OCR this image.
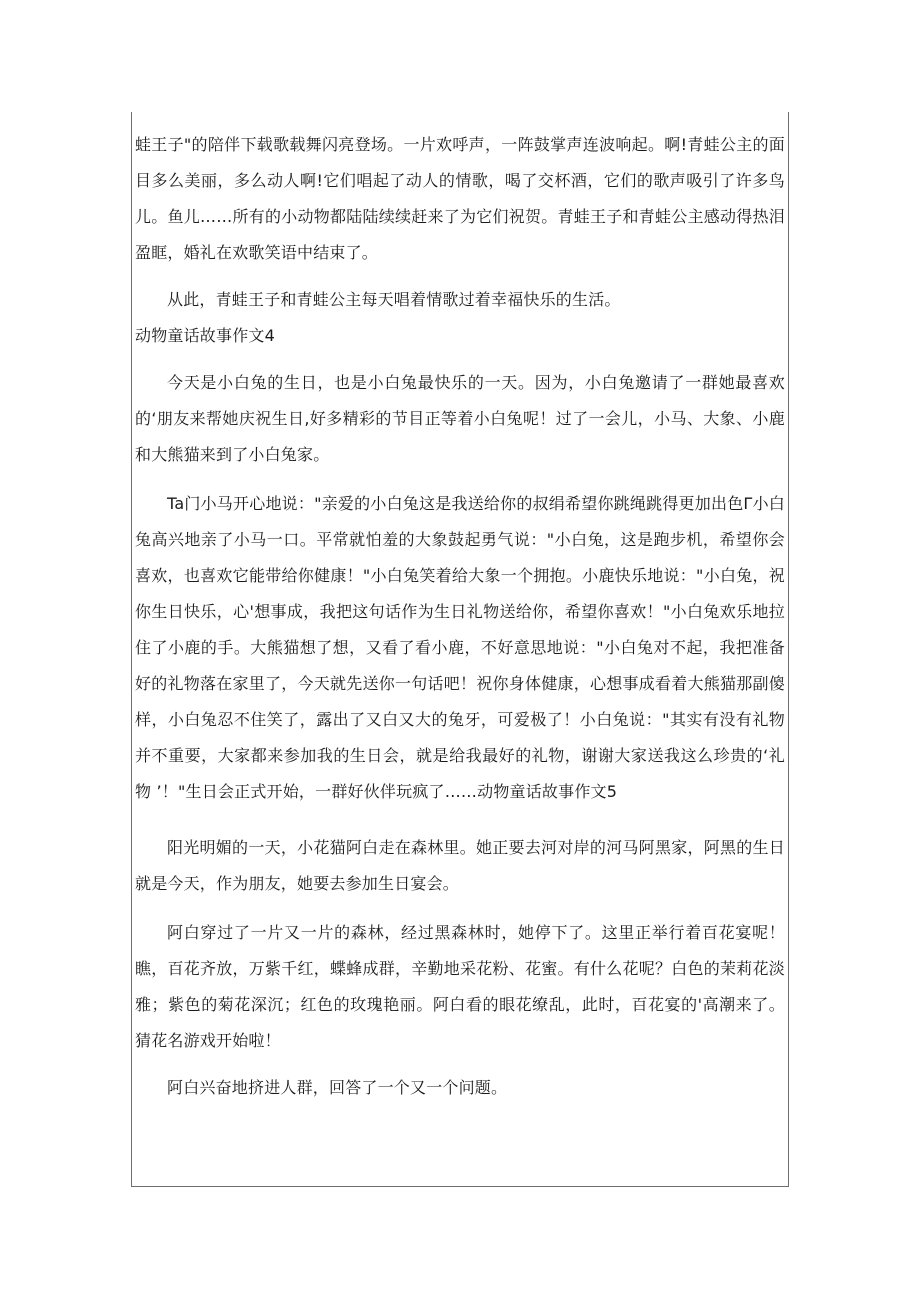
蛙王子"的陪伴下载歌载舞闪亮登场。一片欢呼声，一阵鼓掌声连波响起。啊!青蛙公主的面目多么美丽，多么动人啊!它们唱起了动人的情歌，喝了交杯酒，它们的歌声吸引了许多鸟儿。鱼儿……所有的小动物都陆陆续续赶来了为它们祝贺。青蛙王子和青蛙公主感动得热泪盈眶，婚礼在欢歌笑语中结束了。

从此，青蛙王子和青蛙公主每天唱着情歌过着幸福快乐的生活。

动物童话故事作文4

今天是小白兔的生日，也是小白兔最快乐的一天。因为，小白兔邀请了一群她最喜欢的‘朋友来帮她庆祝生日,好多精彩的节目正等着小白兔呢！过了一会儿，小马、大象、小鹿和大熊猫来到了小白兔家。

Ta门小马开心地说："亲爱的小白兔这是我送给你的叔绢希望你跳绳跳得更加出色Γ小白兔高兴地亲了小马一口。平常就怕羞的大象鼓起勇气说："小白兔，这是跑步机，希望你会喜欢，也喜欢它能带给你健康！"小白兔笑着给大象一个拥抱。小鹿快乐地说："小白兔，祝你生日快乐，心'想事成，我把这句话作为生日礼物送给你，希望你喜欢！"小白兔欢乐地拉住了小鹿的手。大熊猫想了想，又看了看小鹿，不好意思地说："小白兔对不起，我把准备好的礼物落在家里了，今天就先送你一句话吧！祝你身体健康，心想事成看着大熊猫那副傻样，小白兔忍不住笑了，露出了又白又大的兔牙，可爱极了！小白兔说："其实有没有礼物并不重要，大家都来参加我的生日会，就是给我最好的礼物，谢谢大家送我这么珍贵的‘礼物 ’！"生日会正式开始，一群好伙伴玩疯了……动物童话故事作文5

阳光明媚的一天，小花猫阿白走在森林里。她正要去河对岸的河马阿黑家，阿黑的生日就是今天，作为朋友，她要去参加生日宴会。

阿白穿过了一片又一片的森林，经过黑森林时，她停下了。这里正举行着百花宴呢！瞧，百花齐放，万紫千红，蝶蜂成群，辛勤地采花粉、花蜜。有什么花呢？白色的茉莉花淡雅；紫色的菊花深沉；红色的玫瑰艳丽。阿白看的眼花缭乱，此时，百花宴的'高潮来了。猜花名游戏开始啦！

阿白兴奋地挤进人群，回答了一个又一个问题。
